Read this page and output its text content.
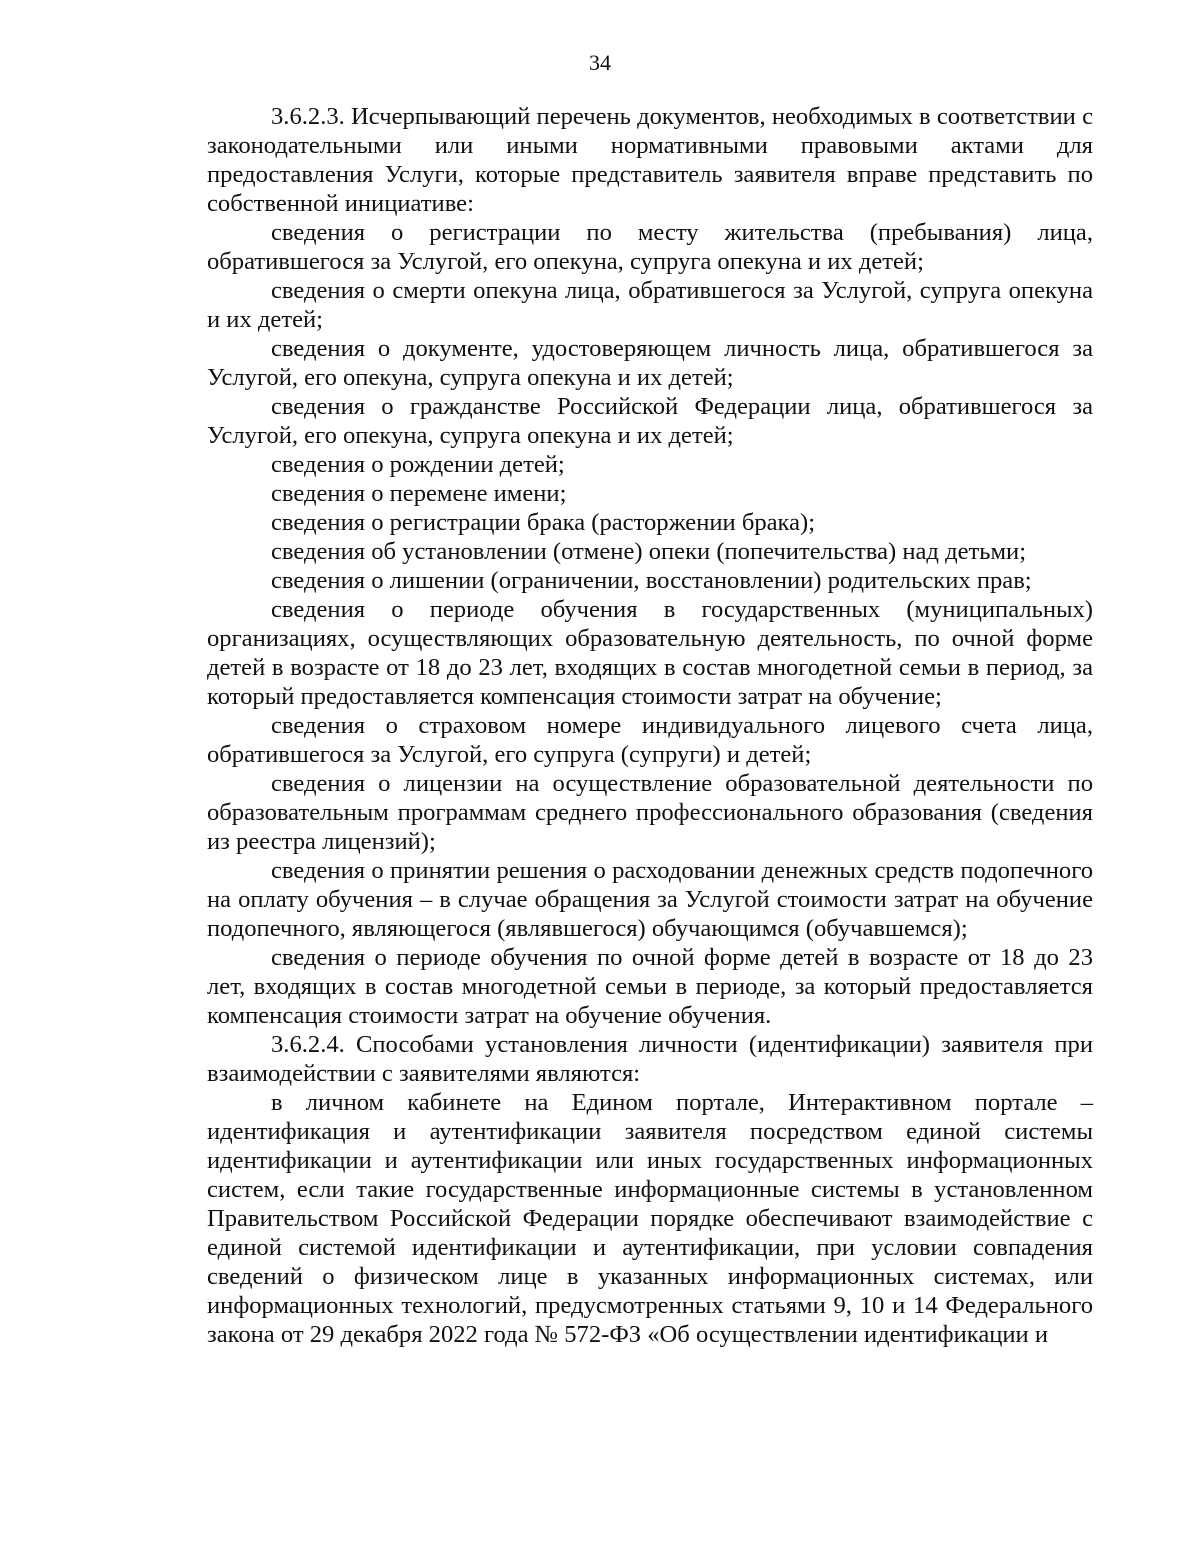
34

3.6.2.3. Исчерпывающий перечень документов, необходимых в соответствии с законодательными или иными нормативными правовыми актами для предоставления Услуги, которые представитель заявителя вправе представить по собственной инициативе:

сведения о регистрации по месту жительства (пребывания) лица, обратившегося за Услугой, его опекуна, супруга опекуна и их детей;

сведения о смерти опекуна лица, обратившегося за Услугой, супруга опекуна и их детей;

сведения о документе, удостоверяющем личность лица, обратившегося за Услугой, его опекуна, супруга опекуна и их детей;

сведения о гражданстве Российской Федерации лица, обратившегося за Услугой, его опекуна, супруга опекуна и их детей;

сведения о рождении детей;

сведения о перемене имени;

сведения о регистрации брака (расторжении брака);

сведения об установлении (отмене) опеки (попечительства) над детьми;

сведения о лишении (ограничении, восстановлении) родительских прав;

сведения о периоде обучения в государственных (муниципальных) организациях, осуществляющих образовательную деятельность, по очной форме детей в возрасте от 18 до 23 лет, входящих в состав многодетной семьи в период, за который предоставляется компенсация стоимости затрат на обучение;

сведения о страховом номере индивидуального лицевого счета лица, обратившегося за Услугой, его супруга (супруги) и детей;

сведения о лицензии на осуществление образовательной деятельности по образовательным программам среднего профессионального образования (сведения из реестра лицензий);

сведения о принятии решения о расходовании денежных средств подопечного на оплату обучения – в случае обращения за Услугой стоимости затрат на обучение подопечного, являющегося (являвшегося) обучающимся (обучавшемся);

сведения о периоде обучения по очной форме детей в возрасте от 18 до 23 лет, входящих в состав многодетной семьи в периоде, за который предоставляется компенсация стоимости затрат на обучение обучения.

3.6.2.4. Способами установления личности (идентификации) заявителя при взаимодействии с заявителями являются:

в личном кабинете на Едином портале, Интерактивном портале – идентификация и аутентификации заявителя посредством единой системы идентификации и аутентификации или иных государственных информационных систем, если такие государственные информационные системы в установленном Правительством Российской Федерации порядке обеспечивают взаимодействие с единой системой идентификации и аутентификации, при условии совпадения сведений о физическом лице в указанных информационных системах, или информационных технологий, предусмотренных статьями 9, 10 и 14 Федерального закона от 29 декабря 2022 года № 572-ФЗ «Об осуществлении идентификации и
